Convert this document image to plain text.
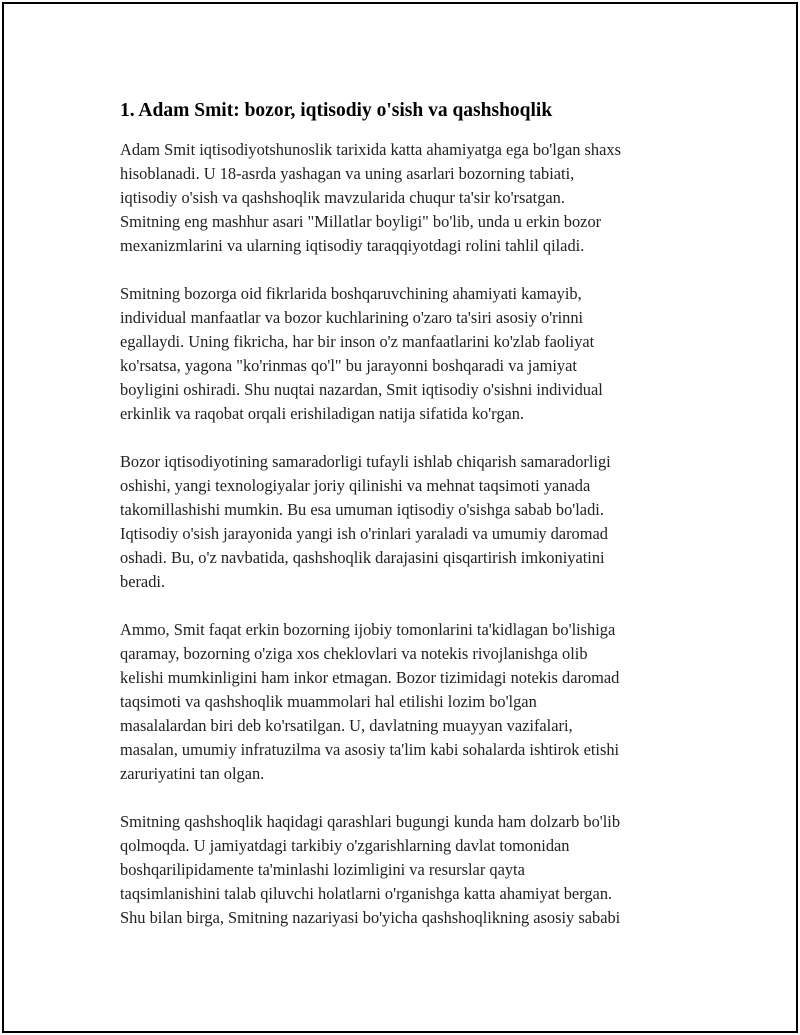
1. Adam Smit: bozor, iqtisodiy o'sish va qashshoqlik

Adam Smit iqtisodiyotshunoslik tarixida katta ahamiyatga ega bo'lgan shaxs
hisoblanadi. U 18-asrda yashagan va uning asarlari bozorning tabiati,
iqtisodiy o'sish va qashshoqlik mavzularida chuqur ta'sir ko'rsatgan.
Smitning eng mashhur asari "Millatlar boyligi" bo'lib, unda u erkin bozor
mexanizmlarini va ularning iqtisodiy taraqqiyotdagi rolini tahlil qiladi.

Smitning bozorga oid fikrlarida boshqaruvchining ahamiyati kamayib,
individual manfaatlar va bozor kuchlarining o'zaro ta'siri asosiy o'rinni
egallaydi. Uning fikricha, har bir inson o'z manfaatlarini ko'zlab faoliyat
ko'rsatsa, yagona "ko'rinmas qo'l" bu jarayonni boshqaradi va jamiyat
boyligini oshiradi. Shu nuqtai nazardan, Smit iqtisodiy o'sishni individual
erkinlik va raqobat orqali erishiladigan natija sifatida ko'rgan.

Bozor iqtisodiyotining samaradorligi tufayli ishlab chiqarish samaradorligi
oshishi, yangi texnologiyalar joriy qilinishi va mehnat taqsimoti yanada
takomillashishi mumkin. Bu esa umuman iqtisodiy o'sishga sabab bo'ladi.
Iqtisodiy o'sish jarayonida yangi ish o'rinlari yaraladi va umumiy daromad
oshadi. Bu, o'z navbatida, qashshoqlik darajasini qisqartirish imkoniyatini
beradi.

Ammo, Smit faqat erkin bozorning ijobiy tomonlarini ta'kidlagan bo'lishiga
qaramay, bozorning o'ziga xos cheklovlari va notekis rivojlanishga olib
kelishi mumkinligini ham inkor etmagan. Bozor tizimidagi notekis daromad
taqsimoti va qashshoqlik muammolari hal etilishi lozim bo'lgan
masalalardan biri deb ko'rsatilgan. U, davlatning muayyan vazifalari,
masalan, umumiy infratuzilma va asosiy ta'lim kabi sohalarda ishtirok etishi
zaruriyatini tan olgan.

Smitning qashshoqlik haqidagi qarashlari bugungi kunda ham dolzarb bo'lib
qolmoqda. U jamiyatdagi tarkibiy o'zgarishlarning davlat tomonidan
boshqarilipidamente ta'minlashi lozimligini va resurslar qayta
taqsimlanishini talab qiluvchi holatlarni o'rganishga katta ahamiyat bergan.
Shu bilan birga, Smitning nazariyasi bo'yicha qashshoqlikning asosiy sababi
